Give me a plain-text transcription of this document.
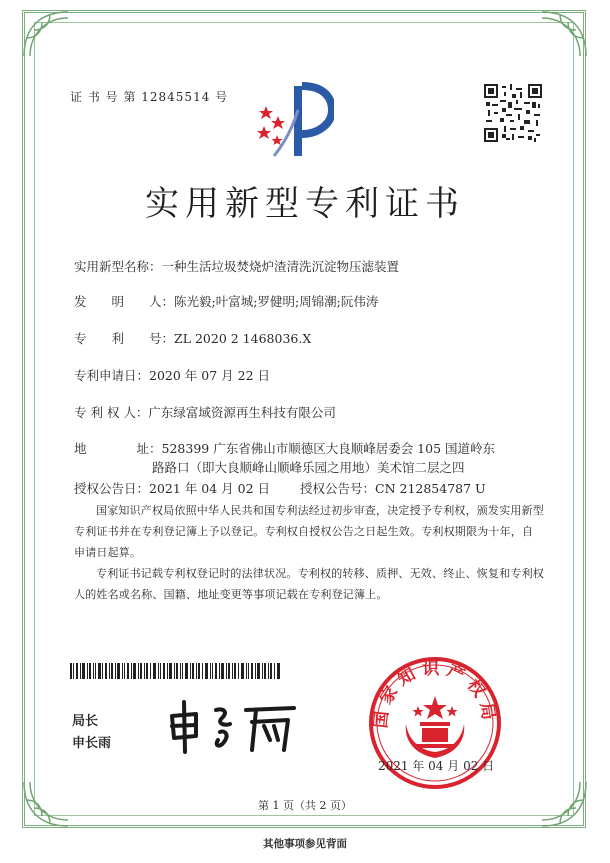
证 书 号 第 12845514 号
实用新型专利证书
实用新型名称：一种生活垃圾焚烧炉渣清洗沉淀物压滤装置
发　　明　　人：陈光毅;叶富城;罗健明;周锦潮;阮伟涛
专　　利　　号：ZL 2020 2 1468036.X
专利申请日：2020 年 07 月 22 日
专 利 权 人：广东绿富域资源再生科技有限公司
地　　　　址：528399 广东省佛山市顺德区大良顺峰居委会 105 国道岭东
路路口（即大良顺峰山顺峰乐园之用地）美术馆二层之四
授权公告日：2021 年 04 月 02 日 授权公告号：CN 212854787 U
国家知识产权局依照中华人民共和国专利法经过初步审查，决定授予专利权，颁发实用新型专利证书并在专利登记簿上予以登记。专利权自授权公告之日起生效。专利权期限为十年，自申请日起算。
专利证书记载专利权登记时的法律状况。专利权的转移、质押、无效、终止、恢复和专利权人的姓名或名称、国籍、地址变更等事项记载在专利登记簿上。
局长
申长雨
国家知识产权局
2021 年 04 月 02 日
第 1 页（共 2 页）
其他事项参见背面
